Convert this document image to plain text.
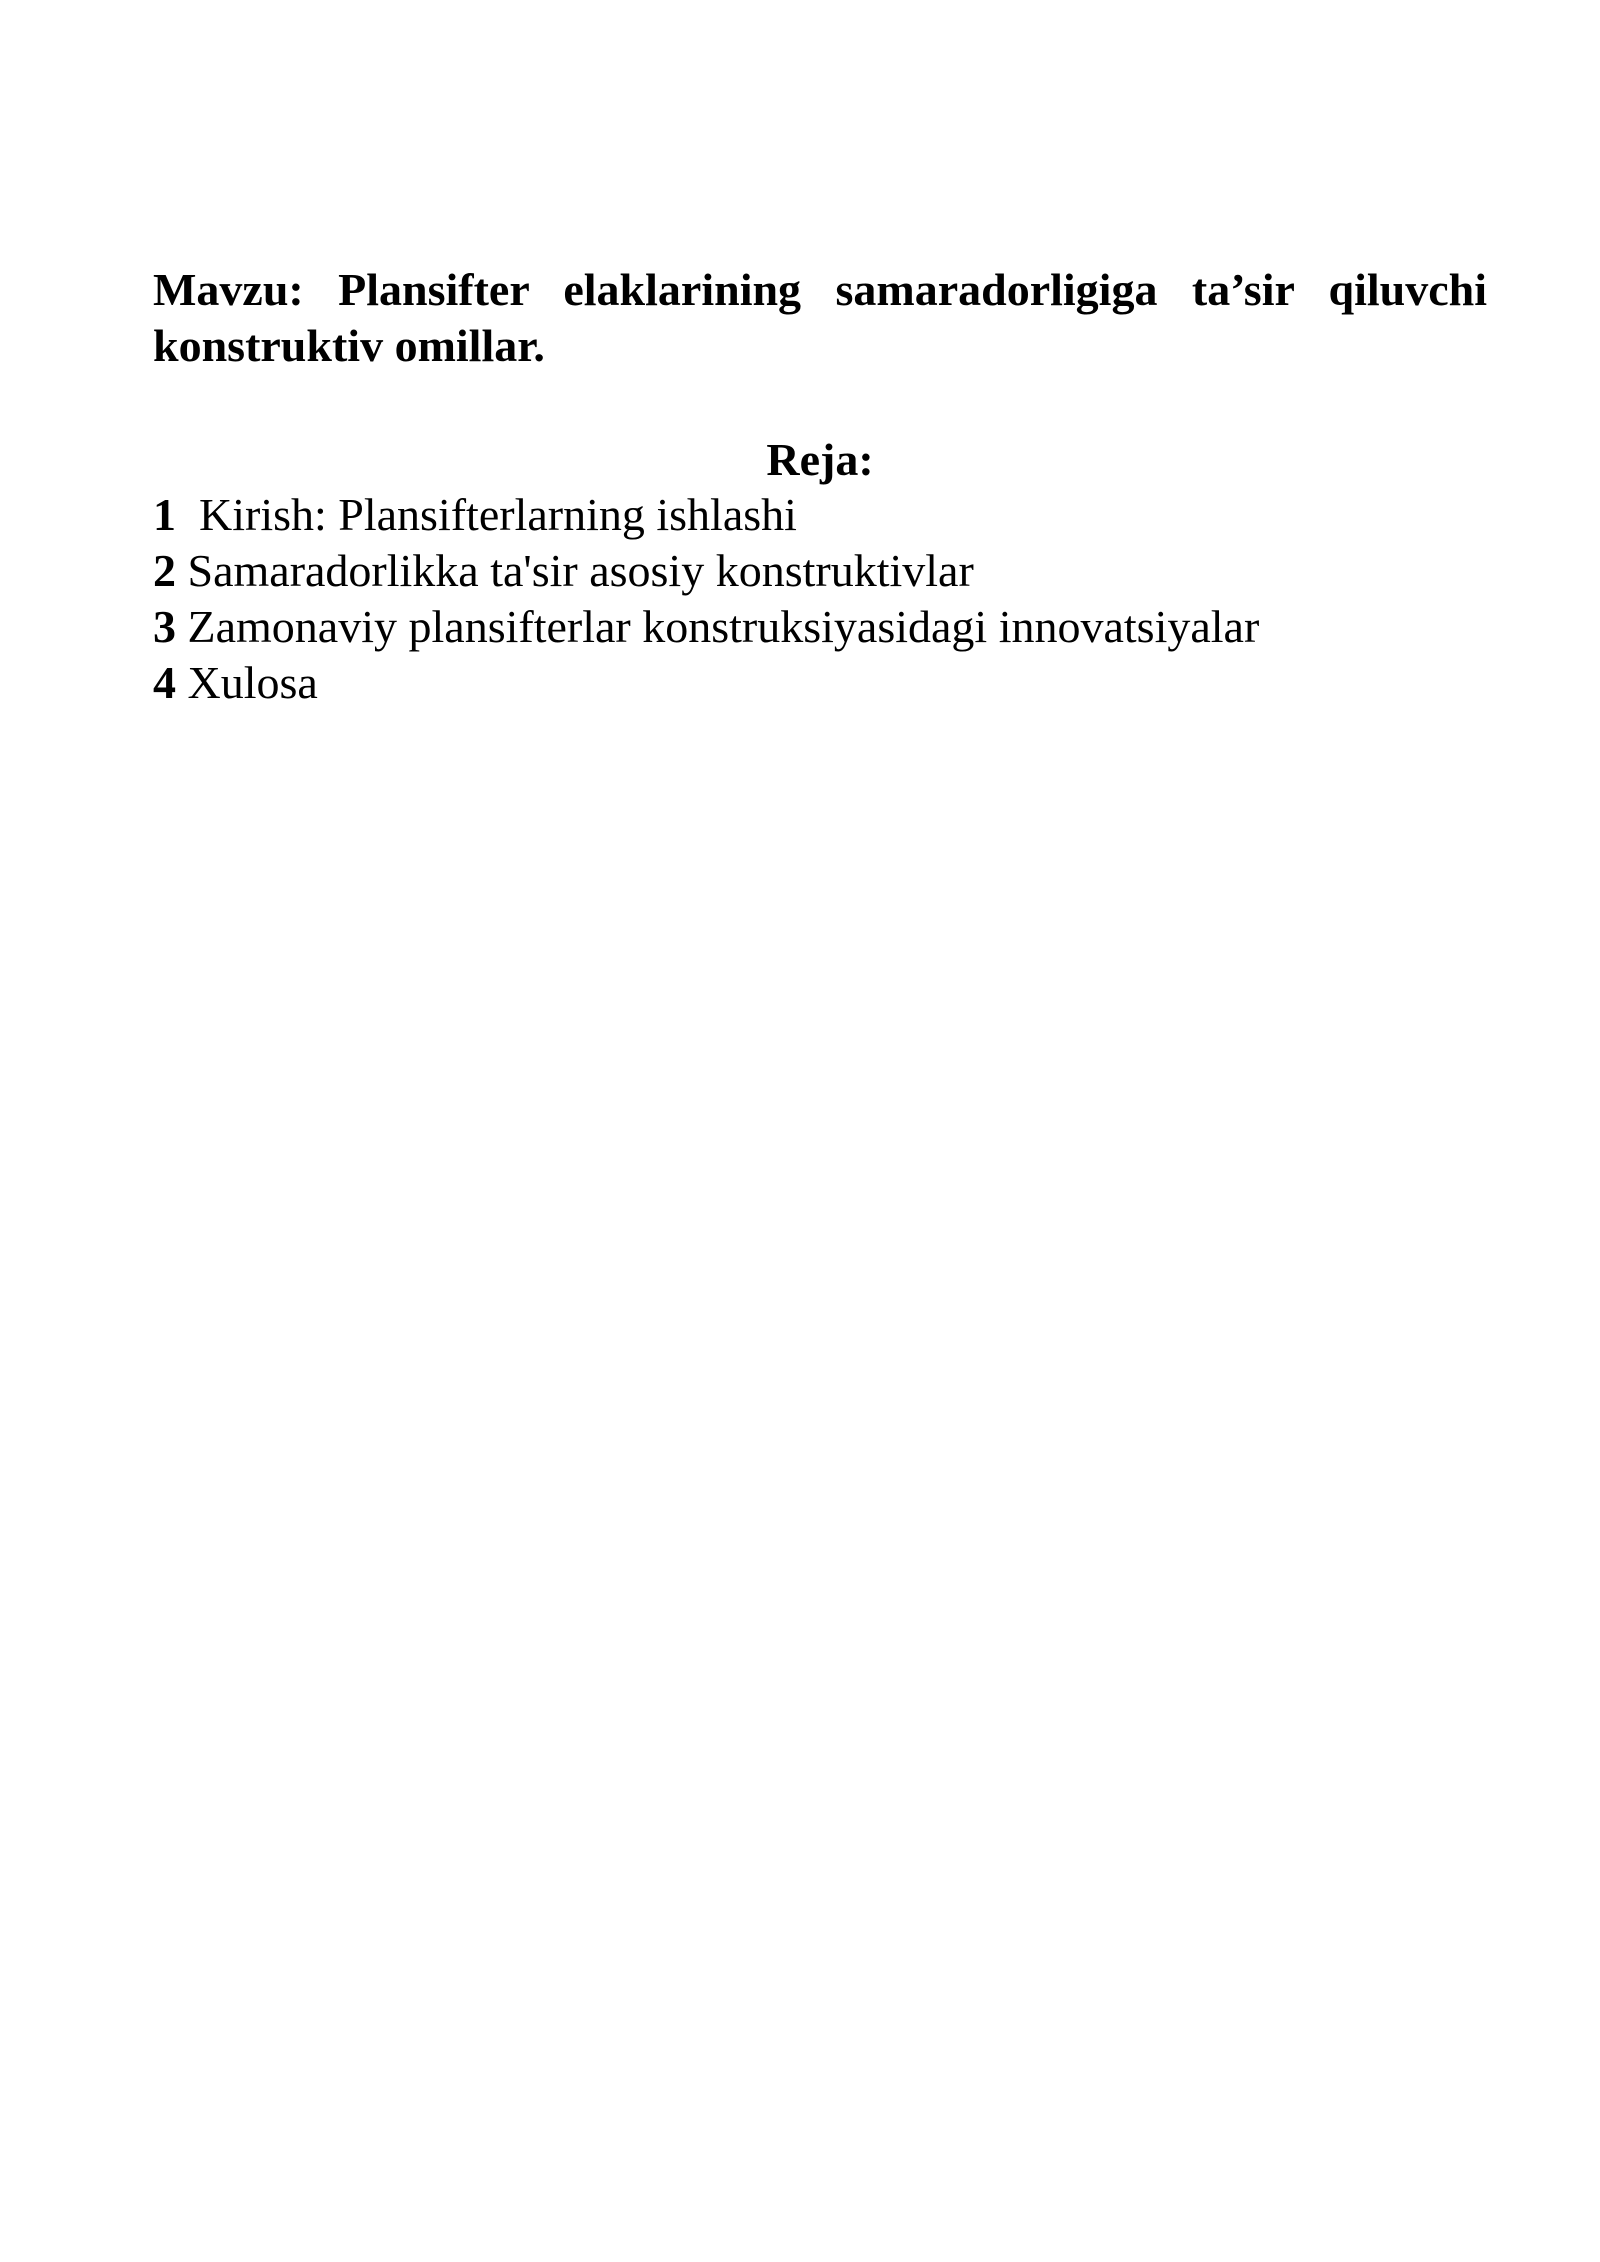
Mavzu: Plansifter elaklarining samaradorligiga ta’sir qiluvchi
konstruktiv omillar.
Reja:
1 Kirish: Plansifterlarning ishlashi
2 Samaradorlikka ta'sir asosiy konstruktivlar
3 Zamonaviy plansifterlar konstruksiyasidagi innovatsiyalar
4 Xulosa
